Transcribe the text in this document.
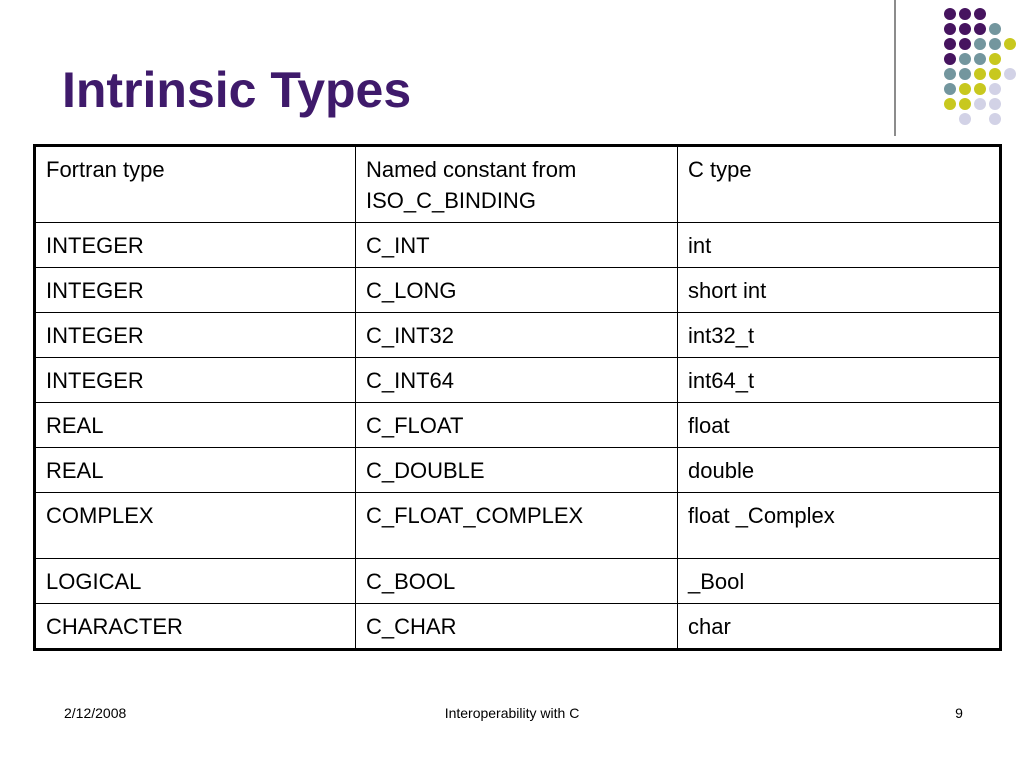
Intrinsic Types
Fortran type	Named constant from ISO_C_BINDING	C type
INTEGER	C_INT	int
INTEGER	C_LONG	short int
INTEGER	C_INT32	int32_t
INTEGER	C_INT64	int64_t
REAL	C_FLOAT	float
REAL	C_DOUBLE	double
COMPLEX	C_FLOAT_COMPLEX	float _Complex
LOGICAL	C_BOOL	_Bool
CHARACTER	C_CHAR	char
2/12/2008	Interoperability with C	9
